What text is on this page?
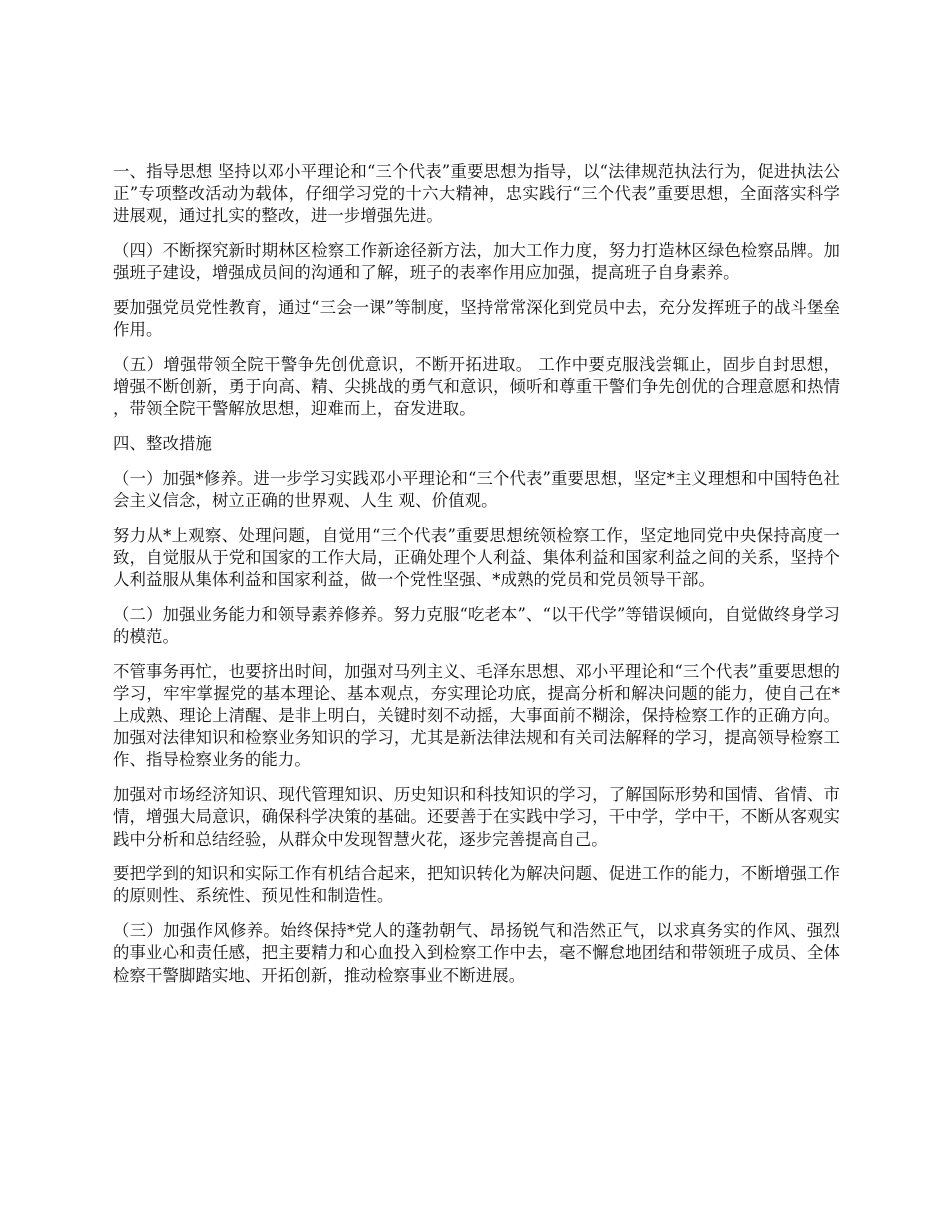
一、指导思想 坚持以邓小平理论和“三个代表”重要思想为指导，以“法律规范执法行为，促进执法公正”专项整改活动为载体，仔细学习党的十六大精神，忠实践行“三个代表”重要思想，全面落实科学进展观，通过扎实的整改，进一步增强先进。

（四）不断探究新时期林区检察工作新途径新方法，加大工作力度，努力打造林区绿色检察品牌。加强班子建设，增强成员间的沟通和了解，班子的表率作用应加强，提高班子自身素养。

要加强党员党性教育，通过“三会一课”等制度，坚持常常深化到党员中去，充分发挥班子的战斗堡垒作用。

（五）增强带领全院干警争先创优意识，不断开拓进取。 工作中要克服浅尝辄止，固步自封思想，增强不断创新，勇于向高、精、尖挑战的勇气和意识，倾听和尊重干警们争先创优的合理意愿和热情，带领全院干警解放思想，迎难而上，奋发进取。

四、整改措施

（一）加强*修养。进一步学习实践邓小平理论和“三个代表”重要思想，坚定*主义理想和中国特色社会主义信念，树立正确的世界观、人生 观、价值观。

努力从*上观察、处理问题，自觉用“三个代表”重要思想统领检察工作，坚定地同党中央保持高度一致，自觉服从于党和国家的工作大局，正确处理个人利益、集体利益和国家利益之间的关系，坚持个人利益服从集体利益和国家利益，做一个党性坚强、*成熟的党员和党员领导干部。

（二）加强业务能力和领导素养修养。努力克服“吃老本”、“以干代学”等错误倾向，自觉做终身学习的模范。

不管事务再忙，也要挤出时间，加强对马列主义、毛泽东思想、邓小平理论和“三个代表”重要思想的学习，牢牢掌握党的基本理论、基本观点，夯实理论功底，提高分析和解决问题的能力，使自己在*上成熟、理论上清醒、是非上明白，关键时刻不动摇，大事面前不糊涂，保持检察工作的正确方向。加强对法律知识和检察业务知识的学习，尤其是新法律法规和有关司法解释的学习，提高领导检察工作、指导检察业务的能力。

加强对市场经济知识、现代管理知识、历史知识和科技知识的学习，了解国际形势和国情、省情、市情，增强大局意识，确保科学决策的基础。还要善于在实践中学习，干中学，学中干，不断从客观实践中分析和总结经验，从群众中发现智慧火花，逐步完善提高自己。

要把学到的知识和实际工作有机结合起来，把知识转化为解决问题、促进工作的能力，不断增强工作的原则性、系统性、预见性和制造性。

（三）加强作风修养。始终保持*党人的蓬勃朝气、昂扬锐气和浩然正气，以求真务实的作风、强烈的事业心和责任感，把主要精力和心血投入到检察工作中去，毫不懈怠地团结和带领班子成员、全体检察干警脚踏实地、开拓创新，推动检察事业不断进展。
